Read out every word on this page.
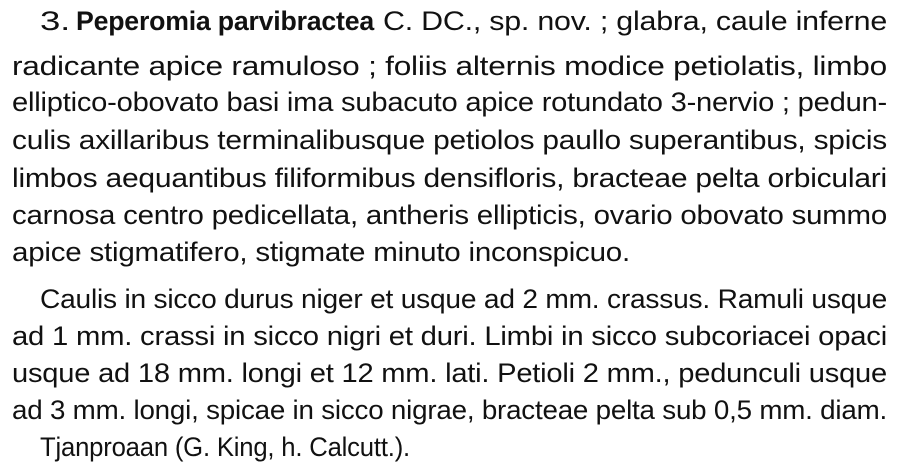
3. Peperomia parvibractea C. DC., sp. nov. ; glabra, caule inferne
radicante apice ramuloso ; foliis alternis modice petiolatis, limbo
elliptico-obovato basi ima subacuto apice rotundato 3-nervio ; pedun-
culis axillaribus terminalibusque petiolos paullo superantibus, spicis
limbos aequantibus filiformibus densifloris, bracteae pelta orbiculari
carnosa centro pedicellata, antheris ellipticis, ovario obovato summo
apice stigmatifero, stigmate minuto inconspicuo.
Caulis in sicco durus niger et usque ad 2 mm. crassus. Ramuli usque
ad 1 mm. crassi in sicco nigri et duri. Limbi in sicco subcoriacei opaci
usque ad 18 mm. longi et 12 mm. lati. Petioli 2 mm., pedunculi usque
ad 3 mm. longi, spicae in sicco nigrae, bracteae pelta sub 0,5 mm. diam.
Tjanproaan (G. King, h. Calcutt.).
